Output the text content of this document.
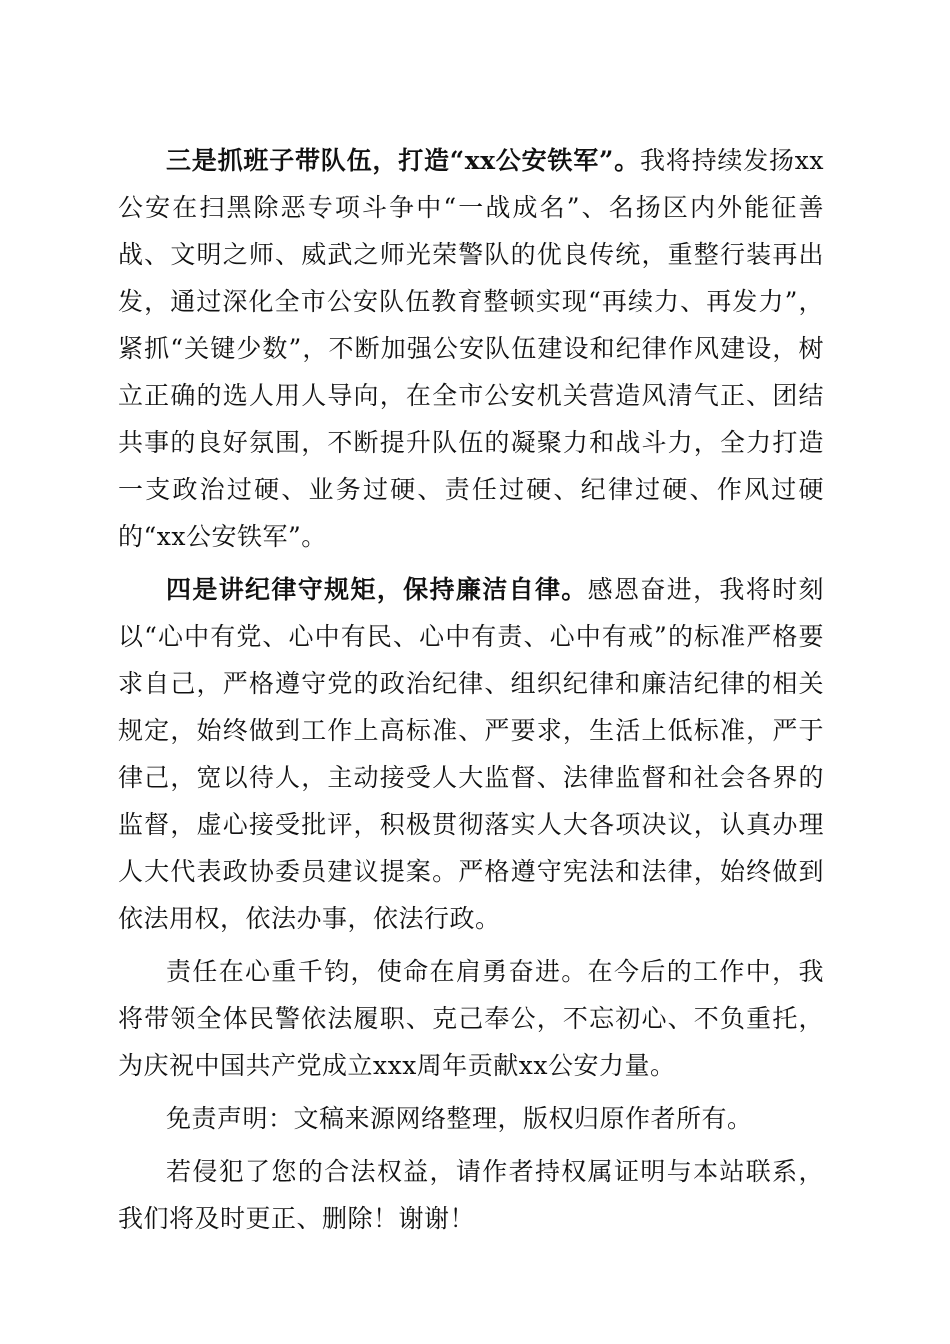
三是抓班子带队伍，打造“xx公安铁军”。我将持续发扬xx公安在扫黑除恶专项斗争中“一战成名”、名扬区内外能征善战、文明之师、威武之师光荣警队的优良传统，重整行装再出发，通过深化全市公安队伍教育整顿实现“再续力、再发力”，紧抓“关键少数”，不断加强公安队伍建设和纪律作风建设，树立正确的选人用人导向，在全市公安机关营造风清气正、团结共事的良好氛围，不断提升队伍的凝聚力和战斗力，全力打造一支政治过硬、业务过硬、责任过硬、纪律过硬、作风过硬的“xx公安铁军”。

四是讲纪律守规矩，保持廉洁自律。感恩奋进，我将时刻以“心中有党、心中有民、心中有责、心中有戒”的标准严格要求自己，严格遵守党的政治纪律、组织纪律和廉洁纪律的相关规定，始终做到工作上高标准、严要求，生活上低标准，严于律己，宽以待人，主动接受人大监督、法律监督和社会各界的监督，虚心接受批评，积极贯彻落实人大各项决议，认真办理人大代表政协委员建议提案。严格遵守宪法和法律，始终做到依法用权，依法办事，依法行政。

责任在心重千钧，使命在肩勇奋进。在今后的工作中，我将带领全体民警依法履职、克己奉公，不忘初心、不负重托，为庆祝中国共产党成立xxx周年贡献xx公安力量。

免责声明：文稿来源网络整理，版权归原作者所有。

若侵犯了您的合法权益，请作者持权属证明与本站联系，我们将及时更正、删除！谢谢！
